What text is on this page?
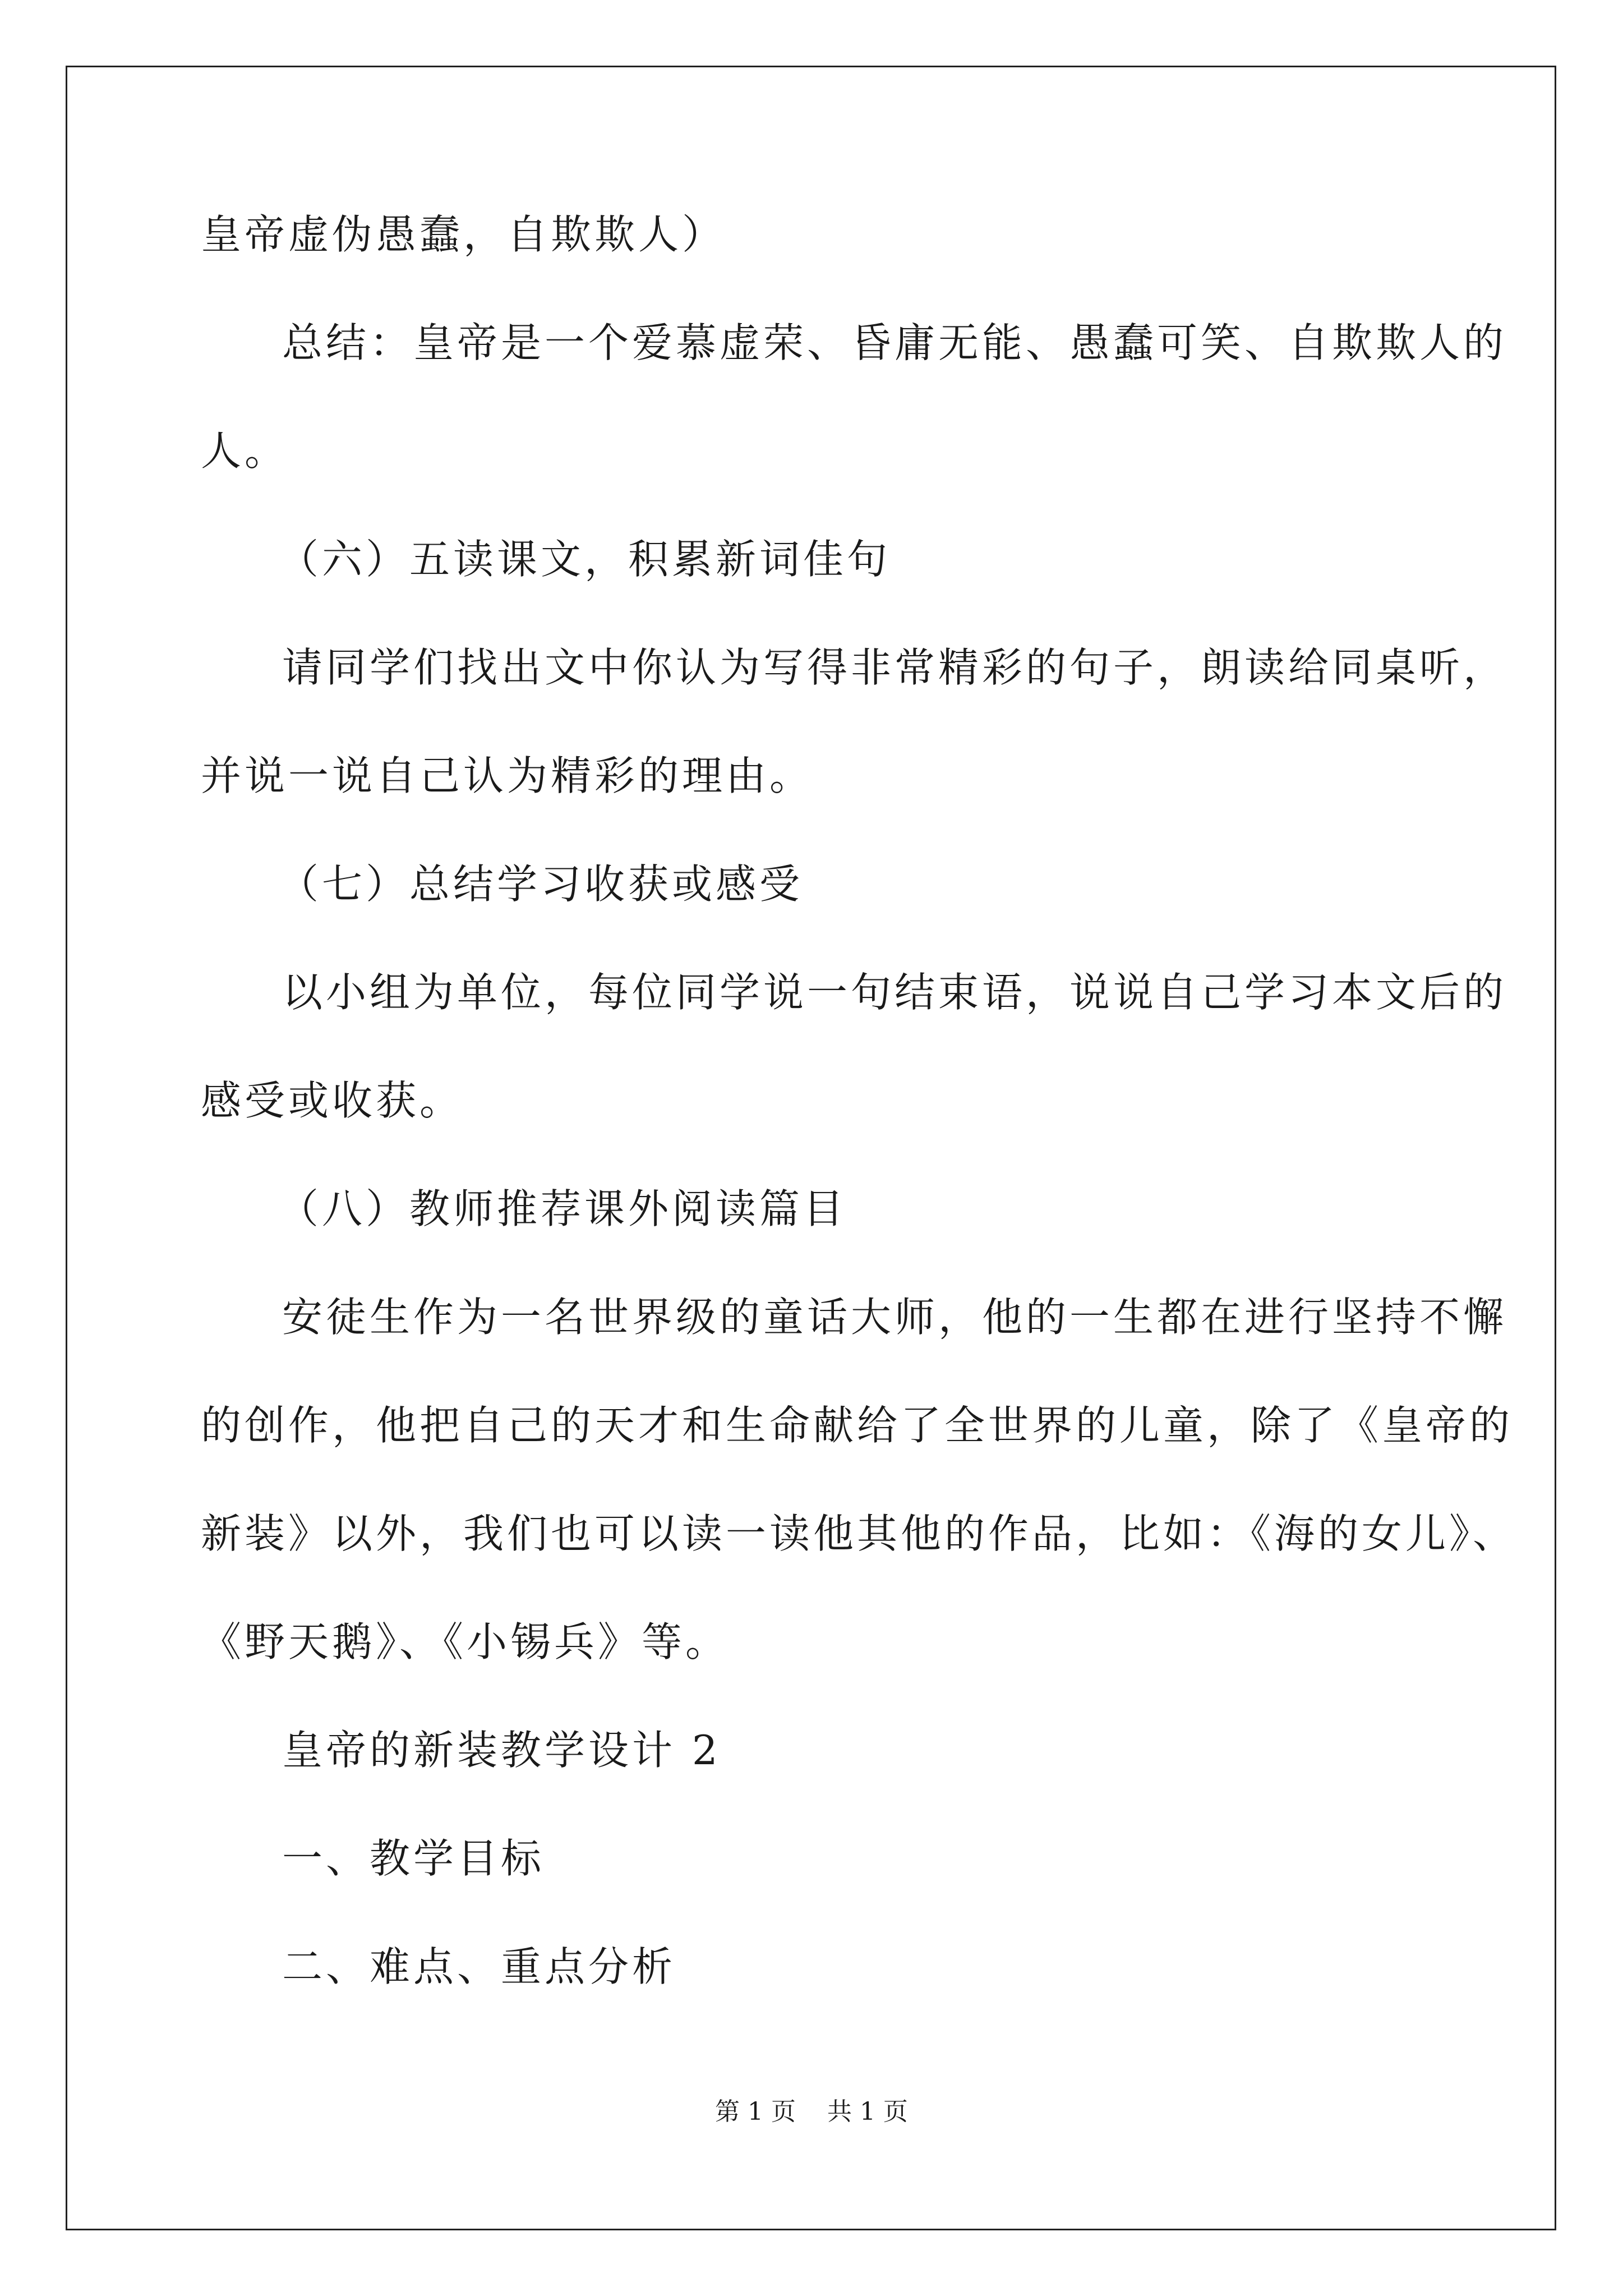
皇帝虚伪愚蠢，自欺欺人）
总结：皇帝是一个爱慕虚荣、昏庸无能、愚蠢可笑、自欺欺人的
人。
（六）五读课文，积累新词佳句
请同学们找出文中你认为写得非常精彩的句子，朗读给同桌听，
并说一说自己认为精彩的理由。
（七）总结学习收获或感受
以小组为单位，每位同学说一句结束语，说说自己学习本文后的
感受或收获。
（八）教师推荐课外阅读篇目
安徒生作为一名世界级的童话大师，他的一生都在进行坚持不懈
的创作，他把自己的天才和生命献给了全世界的儿童，除了《皇帝的
新装》以外，我们也可以读一读他其他的作品，比如：《海的女儿》、
《野天鹅》、《小锡兵》等。
皇帝的新装教学设计 2
一、教学目标
二、难点、重点分析
第 1 页    共 1 页
